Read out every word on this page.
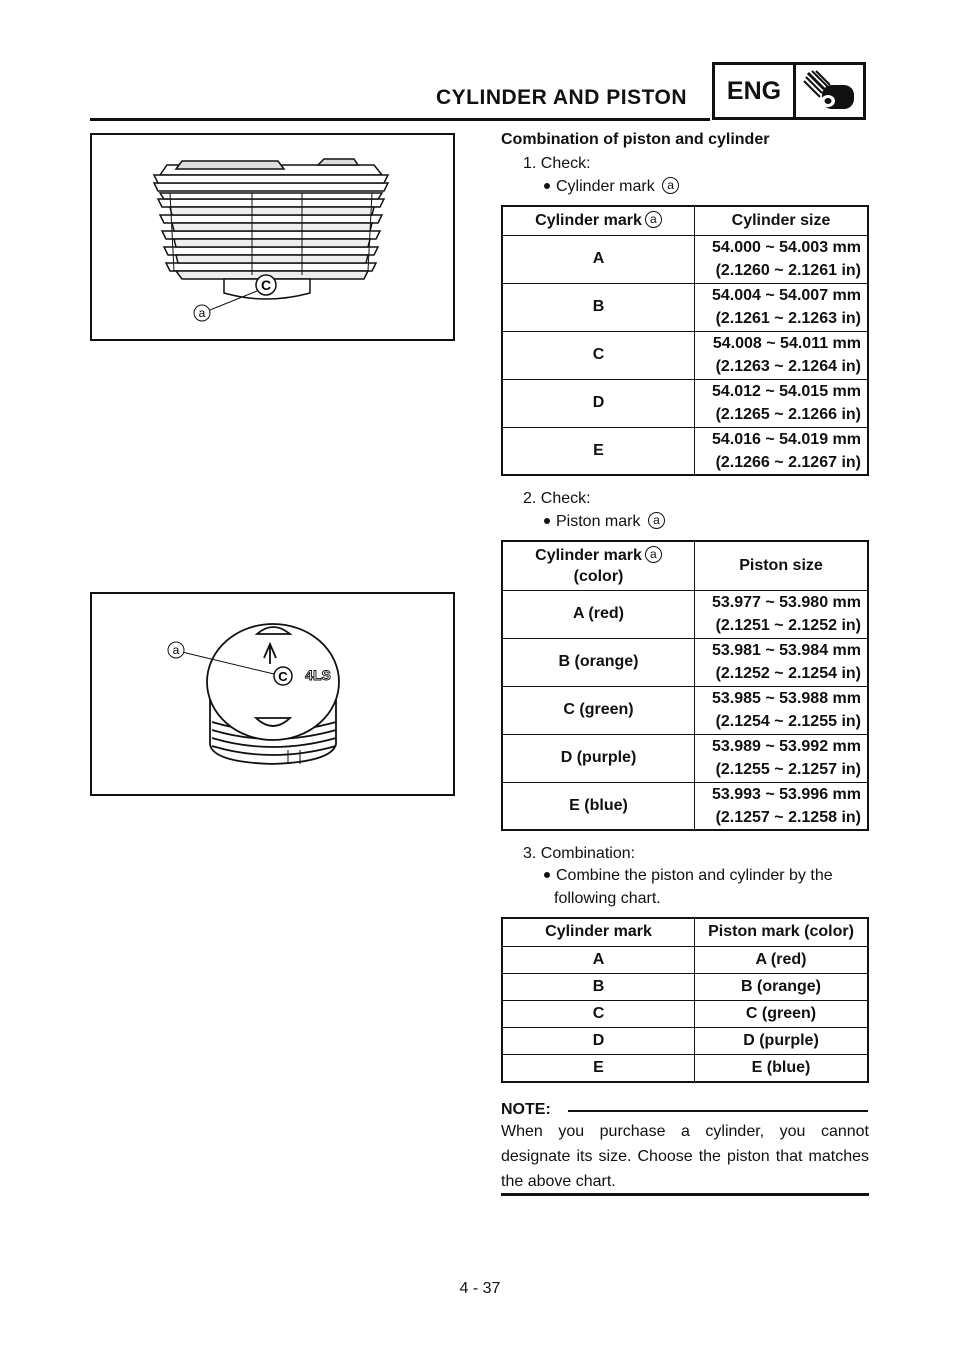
CYLINDER AND PISTON	ENG
C
a
C 4LS
a
Combination of piston and cylinder
1. Check:
Cylinder mark a
Cylinder mark a	Cylinder size
A	54.000 ~ 54.003 mm
(2.1260 ~ 2.1261 in)
B	54.004 ~ 54.007 mm
(2.1261 ~ 2.1263 in)
C	54.008 ~ 54.011 mm
(2.1263 ~ 2.1264 in)
D	54.012 ~ 54.015 mm
(2.1265 ~ 2.1266 in)
E	54.016 ~ 54.019 mm
(2.1266 ~ 2.1267 in)
2. Check:
Piston mark a
Cylinder mark a
(color)	Piston size
A (red)	53.977 ~ 53.980 mm
(2.1251 ~ 2.1252 in)
B (orange)	53.981 ~ 53.984 mm
(2.1252 ~ 2.1254 in)
C (green)	53.985 ~ 53.988 mm
(2.1254 ~ 2.1255 in)
D (purple)	53.989 ~ 53.992 mm
(2.1255 ~ 2.1257 in)
E (blue)	53.993 ~ 53.996 mm
(2.1257 ~ 2.1258 in)
3. Combination:
Combine the piston and cylinder by the
following chart.
Cylinder mark	Piston mark (color)
A	A (red)
B	B (orange)
C	C (green)
D	D (purple)
E	E (blue)
NOTE:
When you purchase a cylinder, you cannot designate its size. Choose the piston that matches the above chart.
4 - 37
